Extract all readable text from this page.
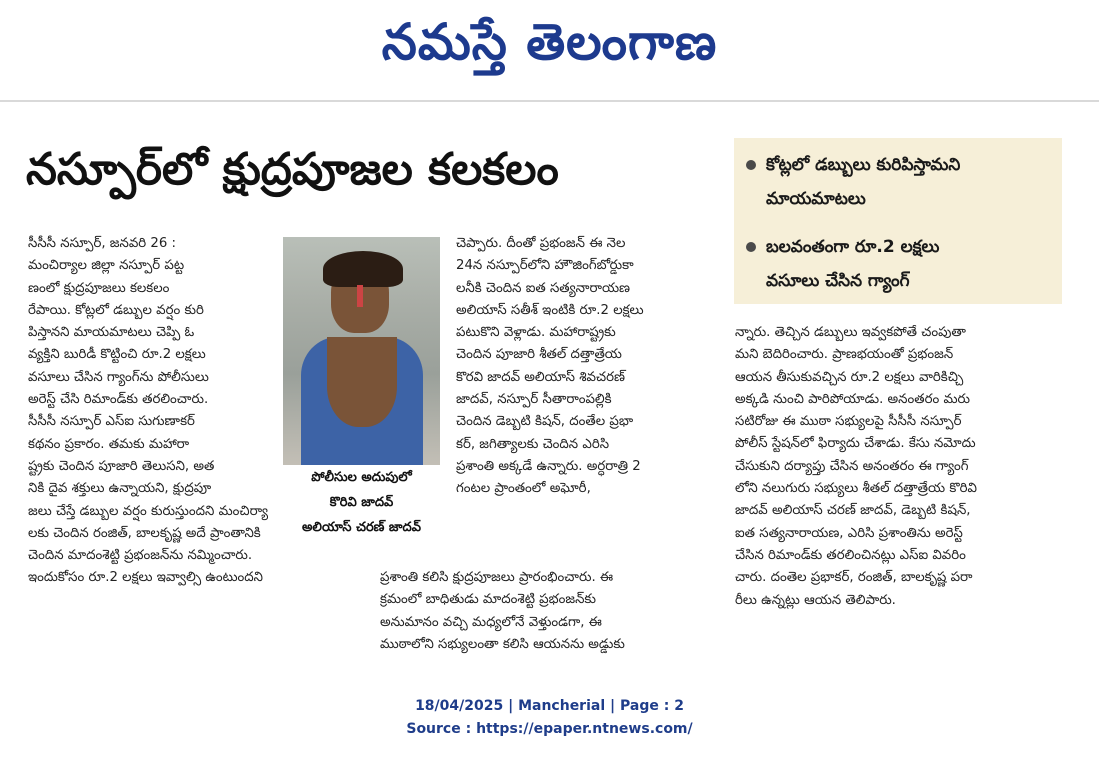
నమస్తే తెలంగాణ
నస్పూర్‌లో క్షుద్రపూజల కలకలం	కోట్లలో డబ్బులు కురిపిస్తామని
మాయమాటలు
బలవంతంగా రూ.2 లక్షలు
వసూలు చేసిన గ్యాంగ్‌

సీసీసీ నస్పూర్‌, జనవరి 26 :

మంచిర్యాల జిల్లా నస్పూర్‌ పట్ట

ణంలో క్షుద్రపూజలు కలకలం

రేపాయి. కోట్లలో డబ్బుల వర్షం కురి

పిస్తానని మాయమాటలు చెప్పి ఓ

వ్యక్తిని బురిడీ కొట్టించి రూ.2 లక్షలు

వసూలు చేసిన గ్యాంగ్‌ను పోలీసులు

అరెస్ట్‌ చేసి రిమాండ్‌కు తరలించారు.

సీసీసీ నస్పూర్‌ ఎస్‌ఐ సుగుణాకర్‌

కథనం ప్రకారం. తమకు మహారా

ష్ట్రకు చెందిన పూజారి తెలుసని, అత

నికి దైవ శక్తులు ఉన్నాయని, క్షుద్రపూ

జలు చేస్తే డబ్బుల వర్షం కురుస్తుందని మంచిర్యా

లకు చెందిన రంజిత్‌, బాలకృష్ణ అదే ప్రాంతానికి

చెందిన మాదంశెట్టి ప్రభంజన్‌ను నమ్మించారు.

ఇందుకోసం రూ.2 లక్షలు ఇవ్వాల్సి ఉంటుందని

పోలీసుల అదుపులో
కొరివి జాదవ్‌
అలియాస్‌ చరణ్‌ జాదవ్‌

చెప్పారు. దీంతో ప్రభంజన్‌ ఈ నెల

24న నస్పూర్‌లోని హౌజింగ్‌బోర్డుకా

లనీకి చెందిన ఐత సత్యనారాయణ

అలియాస్‌ సతీశ్‌ ఇంటికి రూ.2 లక్షలు

పటుకొని వెళ్లాడు. మహారాష్ట్రకు

చెందిన పూజారి శీతల్‌ దత్తాత్రేయ

కొరవి జాదవ్‌ అలియాస్‌ శివచరణ్‌

జాదవ్‌, నస్పూర్‌ సీతారాంపల్లికి

చెందిన డెబ్బటి కిషన్‌, దంతేల ప్రభా

కర్‌, జగిత్యాలకు చెందిన ఎరిసి

ప్రశాంతి అక్కడే ఉన్నారు. అర్ధరాత్రి 2

గంటల ప్రాంతంలో అఘోరీ,

ప్రశాంతి కలిసి క్షుద్రపూజలు ప్రారంభించారు. ఈ

క్రమంలో బాధితుడు మాదంశెట్టి ప్రభంజన్‌కు

అనుమానం వచ్చి మధ్యలోనే వెళ్తుండగా, ఈ

ముఠాలోని సభ్యులంతా కలిసి ఆయనను అడ్డుకు

న్నారు. తెచ్చిన డబ్బులు ఇవ్వకపోతే చంపుతా

మని బెదిరించారు. ప్రాణభయంతో ప్రభంజన్‌

ఆయన తీసుకువచ్చిన రూ.2 లక్షలు వారికిచ్చి

అక్కడి నుంచి పారిపోయాడు. అనంతరం మరు

సటిరోజు ఈ ముఠా సభ్యులపై సీసీసీ నస్పూర్‌

పోలీస్‌ స్టేషన్‌లో ఫిర్యాదు చేశాడు. కేసు నమోదు

చేసుకుని దర్యాప్తు చేసిన అనంతరం ఈ గ్యాంగ్‌

లోని నలుగురు సభ్యులు శీతల్‌ దత్తాత్రేయ కొరివి

జాదవ్‌ అలియాస్‌ చరణ్‌ జాదవ్‌, డెబ్బటి కిషన్‌,

ఐత సత్యనారాయణ, ఎరిసి ప్రశాంతిను అరెస్ట్‌

చేసిన రిమాండ్‌కు తరలించినట్లు ఎస్‌ఐ వివరిం

చారు. దంతెల ప్రభాకర్‌, రంజిత్‌, బాలకృష్ణ పరా

రీలు ఉన్నట్లు ఆయన తెలిపారు.

18/04/2025 | Mancherial | Page : 2
Source : https://epaper.ntnews.com/
